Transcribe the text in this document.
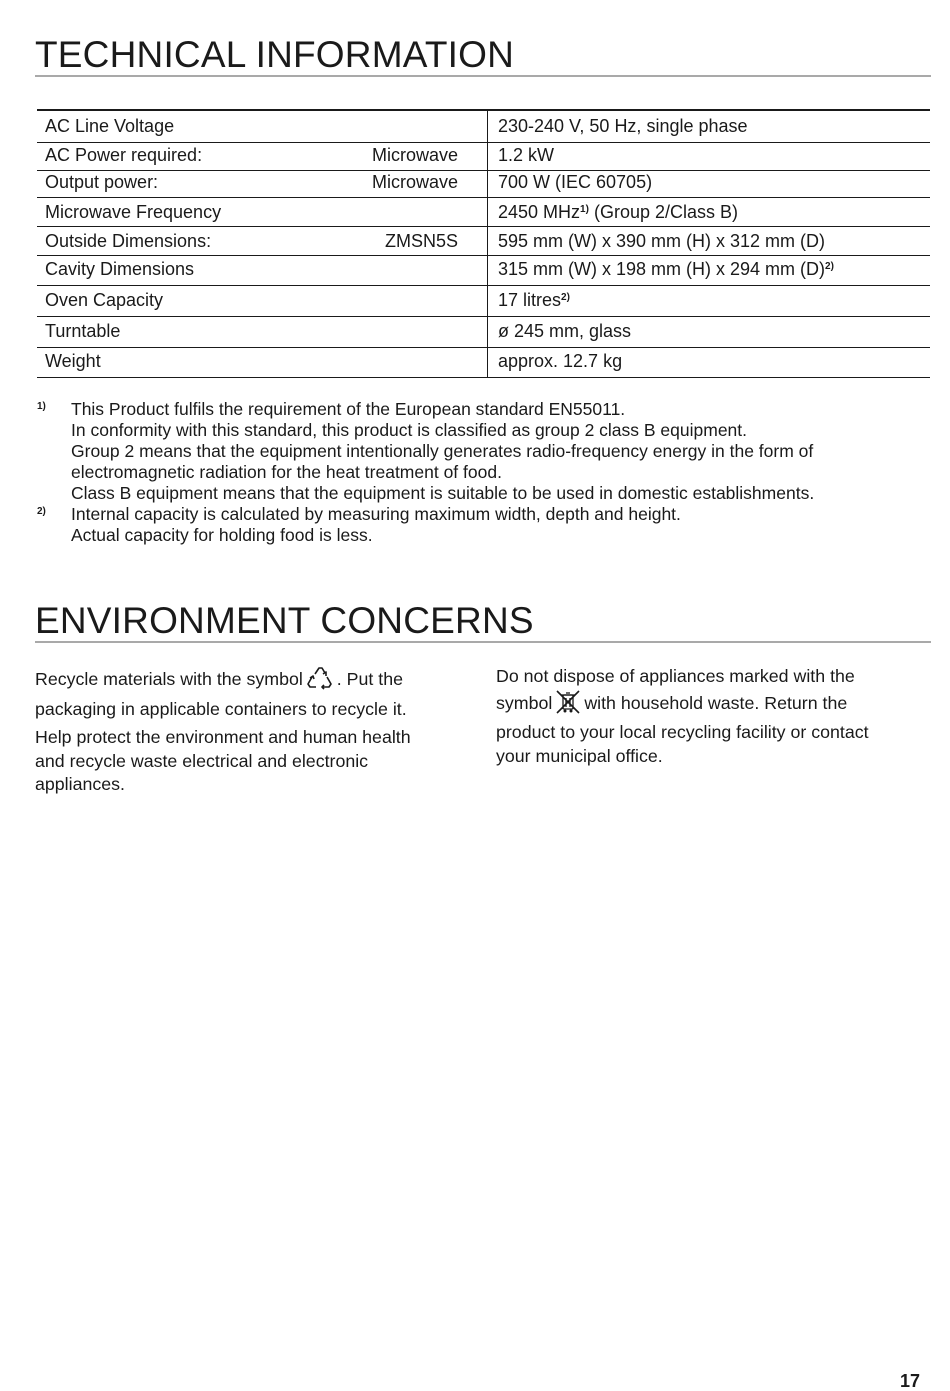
TECHNICAL INFORMATION
AC Line Voltage	230-240 V, 50 Hz, single phase
AC Power required:	Microwave 1.2 kW
Output power:	Microwave 700 W (IEC 60705)
Microwave Frequency	2450 MHz$^{1)}$ (Group 2/Class B)
Outside Dimensions:	ZMSN5S 595 mm (W) x 390 mm (H) x 312 mm (D)
Cavity Dimensions	315 mm (W) x 198 mm (H) x 294 mm $(D)^{2)}$
Oven Capacity	17 litres$^{2)}$
Turntable	ø 245 mm, glass
Weight	approx. 12.7 kg
1) This Product fulfils the requirement of the European standard EN55011.
In conformity with this standard, this product is classified as group 2 class B equipment.
Group 2 means that the equipment intentionally generates radio-frequency energy in the form of
electromagnetic radiation for the heat treatment of food.
Class B equipment means that the equipment is suitable to be used in domestic establishments.
2) Internal capacity is calculated by measuring maximum width, depth and height.
Actual capacity for holding food is less.
ENVIRONMENT CONCERNS
Recycle materials with the symbol . Put the
packaging in applicable containers to recycle it.
Help protect the environment and human health
and recycle waste electrical and electronic
appliances.
Do not dispose of appliances marked with the
symbol with household waste. Return the
product to your local recycling facility or contact
your municipal office.
17
